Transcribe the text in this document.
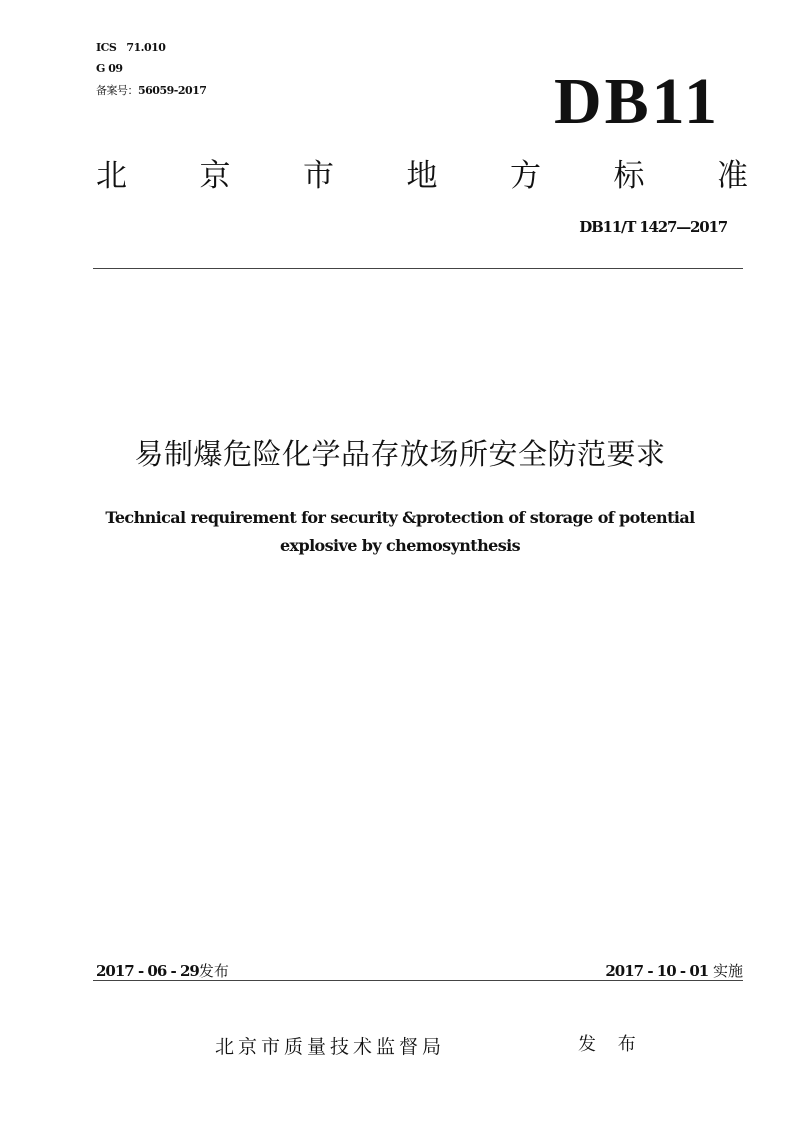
ICS 71.010
G 09
备案号：56059-2017	DB11
北 京 市 地 方 标 准
DB11/T 1427—2017
易制爆危险化学品存放场所安全防范要求
Technical requirement for security &protection of storage of potential
explosive by chemosynthesis
2017 - 06 - 29发布	2017 - 10 - 01 实施
北京市质量技术监督局	发 布
